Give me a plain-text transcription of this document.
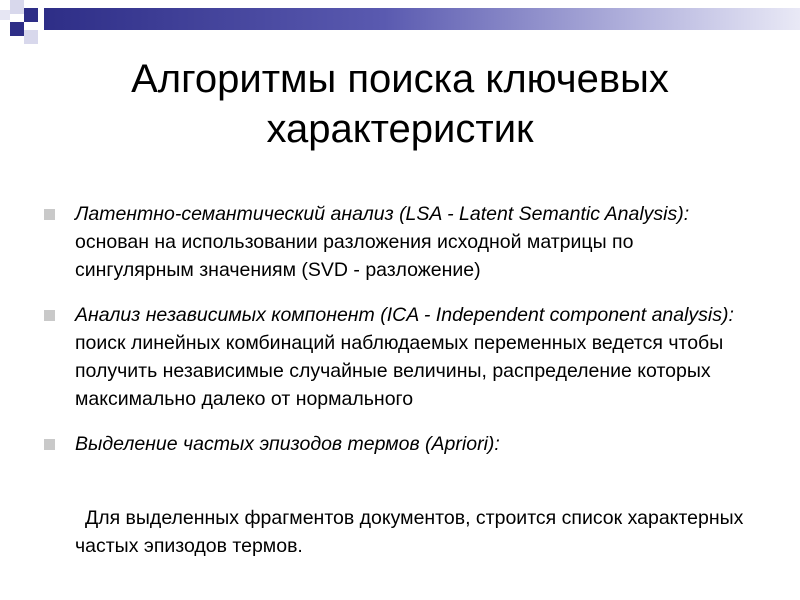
Алгоритмы поиска ключевых
характеристик

Латентно-семантический анализ (LSA - Latent Semantic Analysis): основан на использовании разложения исходной матрицы по сингулярным значениям (SVD - разложение)

Анализ независимых компонент (ICA - Independent component analysis): поиск линейных комбинаций наблюдаемых переменных ведется чтобы получить независимые случайные величины, распределение которых максимально далеко от нормального

Выделение частых эпизодов термов (Apriori):

Для выделенных фрагментов документов, строится список характерных частых эпизодов термов.
